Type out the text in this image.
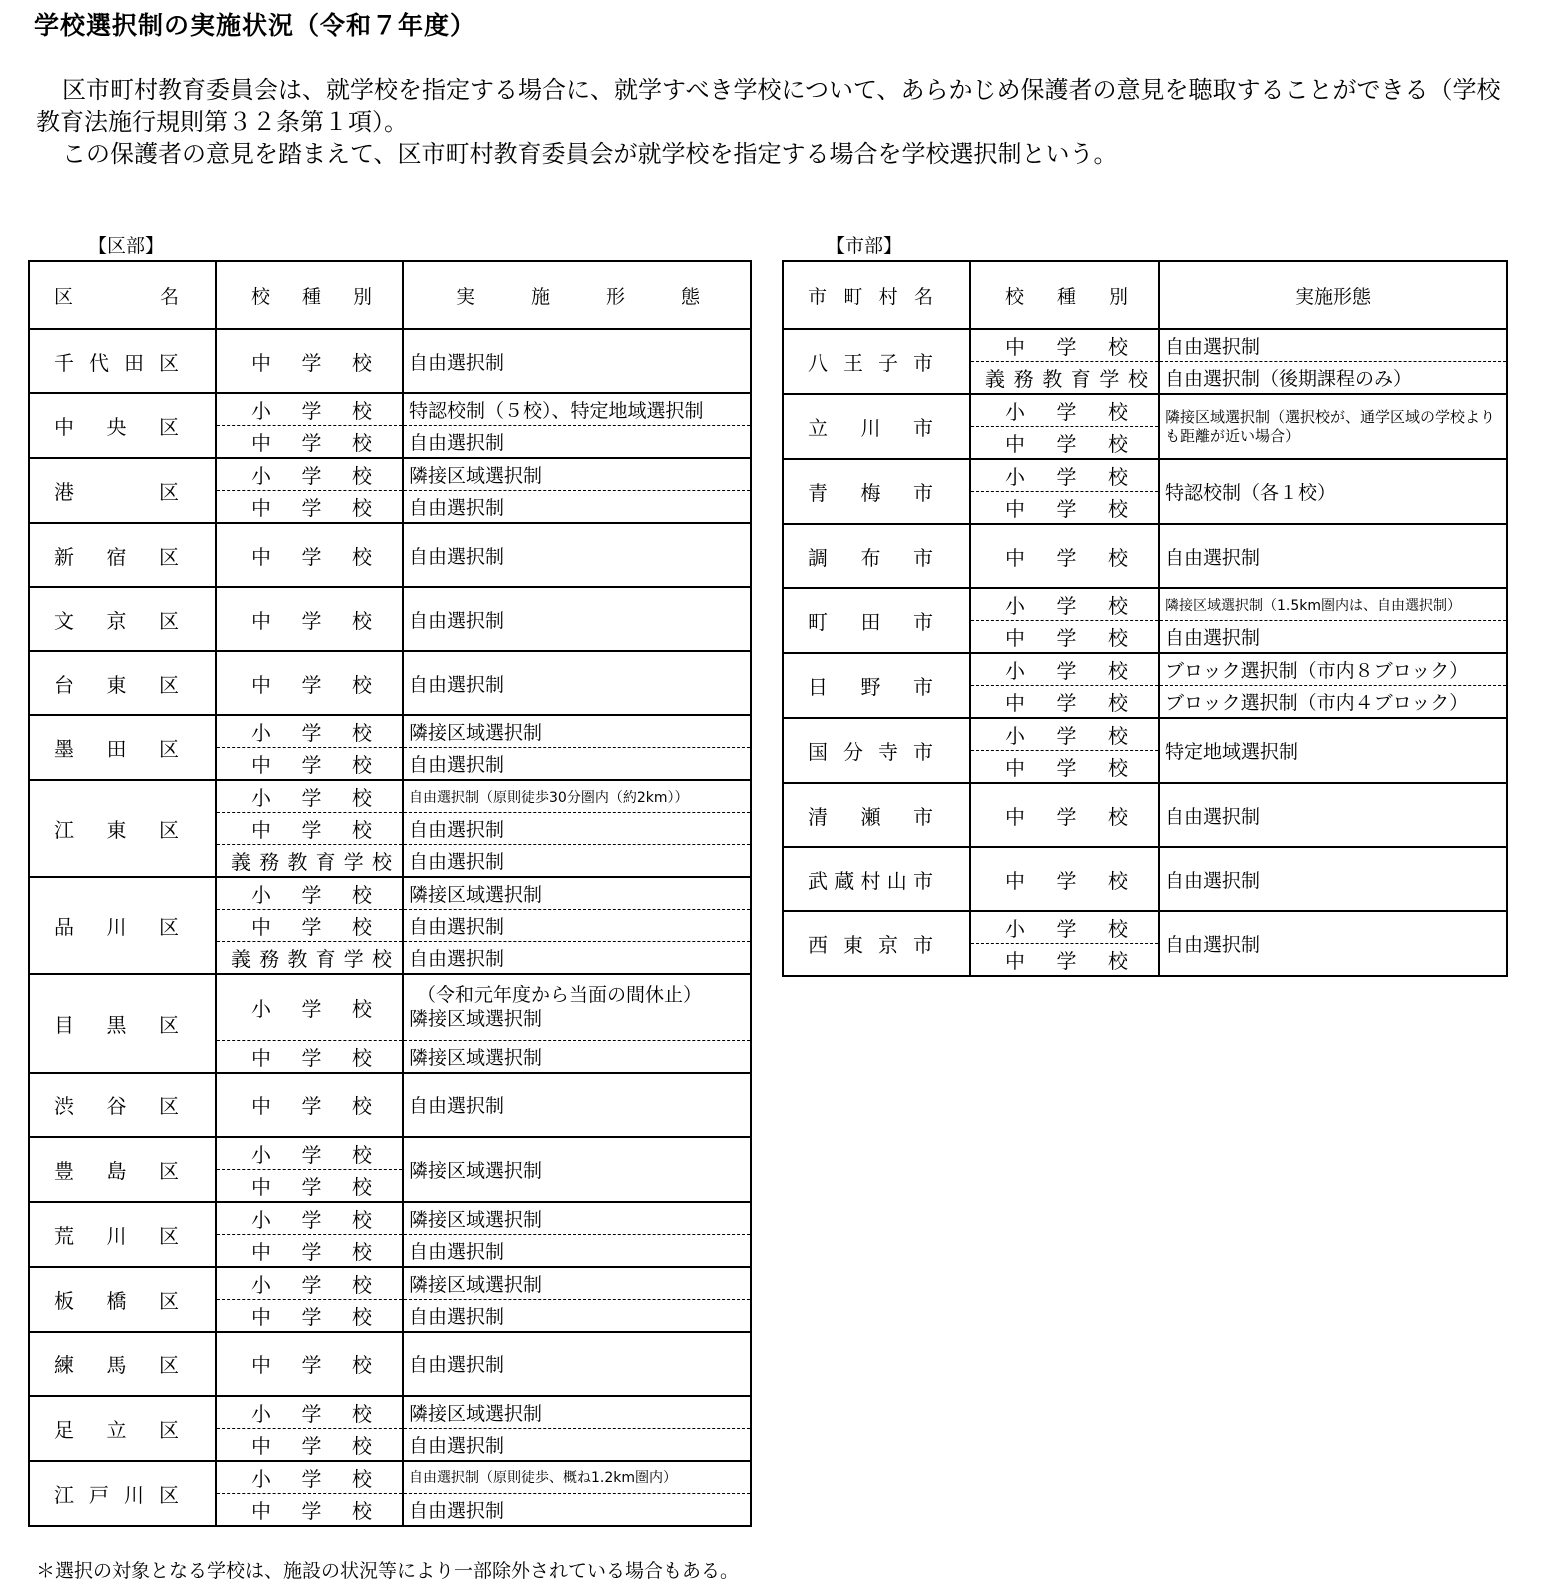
学校選択制の実施状況（令和７年度）

区市町村教育委員会は、就学校を指定する場合に、就学すべき学校について、あらかじめ保護者の意見を聴取することができる（学校教育法施行規則第３２条第１項）。

この保護者の意見を踏まえて、区市町村教育委員会が就学校を指定する場合を学校選択制という。

【区部】	【市部】
区名	校種別	実施形態
千代田区	中学校	自由選択制
中央区	小学校	特認校制（５校）、特定地域選択制
	中学校	自由選択制
港区	小学校	隣接区域選択制
	中学校	自由選択制
新宿区	中学校	自由選択制
文京区	中学校	自由選択制
台東区	中学校	自由選択制
墨田区	小学校	隣接区域選択制
	中学校	自由選択制
江東区	小学校	自由選択制（原則徒歩30分圏内（約2km））
	中学校	自由選択制
	義務教育学校	自由選択制
品川区	小学校	隣接区域選択制
	中学校	自由選択制
	義務教育学校	自由選択制
目黒区	小学校	（令和元年度から当面の間休止）
隣接区域選択制

	中学校	隣接区域選択制
渋谷区	中学校	自由選択制
豊島区	小学校	隣接区域選択制
	中学校	
荒川区	小学校	隣接区域選択制
	中学校	自由選択制
板橋区	小学校	隣接区域選択制
	中学校	自由選択制
練馬区	中学校	自由選択制
足立区	小学校	隣接区域選択制
	中学校	自由選択制
江戸川区	小学校	自由選択制（原則徒歩、概ね1.2km圏内）
	中学校	自由選択制
市町村名	校種別	実施形態
八王子市	中学校	自由選択制
	義務教育学校	自由選択制（後期課程のみ）
立川市	小学校	隣接区域選択制（選択校が、通学区域の学校よりも距離が近い場合）
	中学校	
青梅市	小学校	特認校制（各１校）
	中学校	
調布市	中学校	自由選択制
町田市	小学校	隣接区域選択制（1.5km圏内は、自由選択制）
	中学校	自由選択制
日野市	小学校	ブロック選択制（市内８ブロック）
	中学校	ブロック選択制（市内４ブロック）
国分寺市	小学校	特定地域選択制
	中学校	
清瀬市	中学校	自由選択制
武蔵村山市	中学校	自由選択制
西東京市	小学校	自由選択制
	中学校	
＊選択の対象となる学校は、施設の状況等により一部除外されている場合もある。
